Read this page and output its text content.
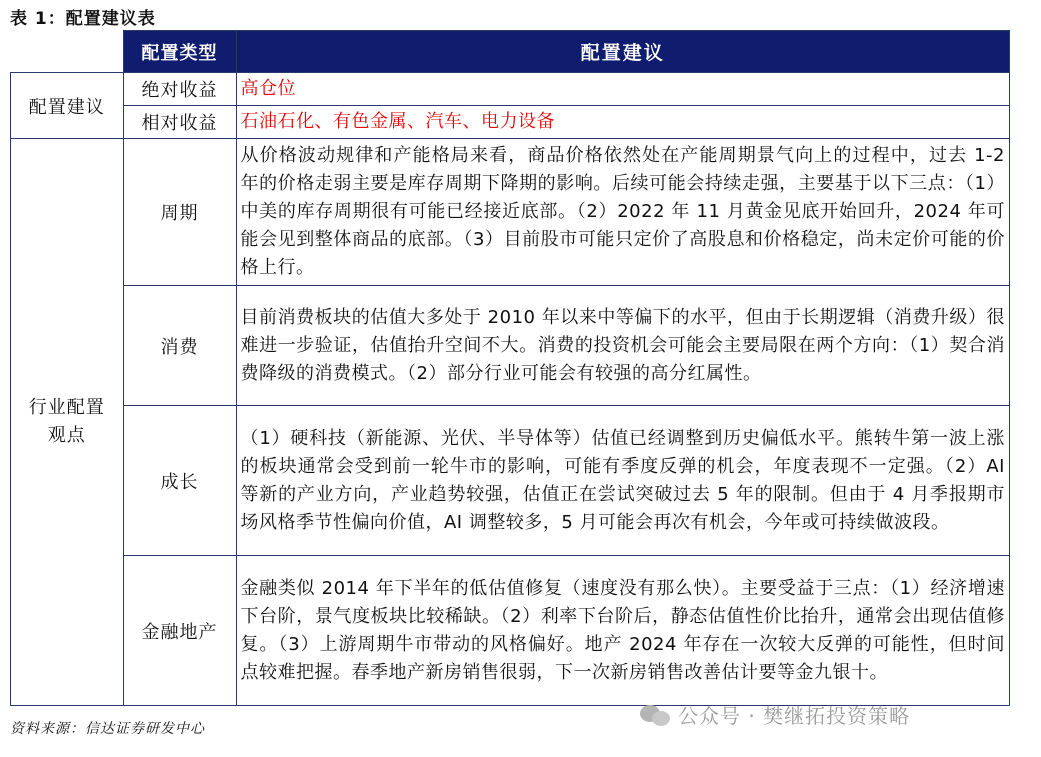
表 1：配置建议表
	配置类型	配置建议
配置建议	绝对收益	高仓位
	相对收益	石油石化、有色金属、汽车、电力设备

行业配置观点	周期	从价格波动规律和产能格局来看，商品价格依然处在产能周期景气向上的过程中，过去 1-2 年的价格走弱主要是库存周期下降期的影响。后续可能会持续走强，主要基于以下三点：（1）中美的库存周期很有可能已经接近底部。（2）2022 年 11 月黄金见底开始回升，2024 年可能会见到整体商品的底部。（3）目前股市可能只定价了高股息和价格稳定，尚未定价可能的价格上行。
	消费	目前消费板块的估值大多处于 2010 年以来中等偏下的水平，但由于长期逻辑（消费升级）很难进一步验证，估值抬升空间不大。消费的投资机会可能会主要局限在两个方向：（1）契合消费降级的消费模式。（2）部分行业可能会有较强的高分红属性。
	成长	（1）硬科技（新能源、光伏、半导体等）估值已经调整到历史偏低水平。熊转牛第一波上涨的板块通常会受到前一轮牛市的影响，可能有季度反弹的机会，年度表现不一定强。（2）AI 等新的产业方向，产业趋势较强，估值正在尝试突破过去 5 年的限制。但由于 4 月季报期市场风格季节性偏向价值，AI 调整较多，5 月可能会再次有机会，今年或可持续做波段。
	金融地产	金融类似 2014 年下半年的低估值修复（速度没有那么快）。主要受益于三点：（1）经济增速下台阶，景气度板块比较稀缺。（2）利率下台阶后，静态估值性价比抬升，通常会出现估值修复。（3）上游周期牛市带动的风格偏好。地产 2024 年存在一次较大反弹的可能性，但时间点较难把握。春季地产新房销售很弱，下一次新房销售改善估计要等金九银十。
资料来源：信达证券研发中心
公众号 · 樊继拓投资策略
